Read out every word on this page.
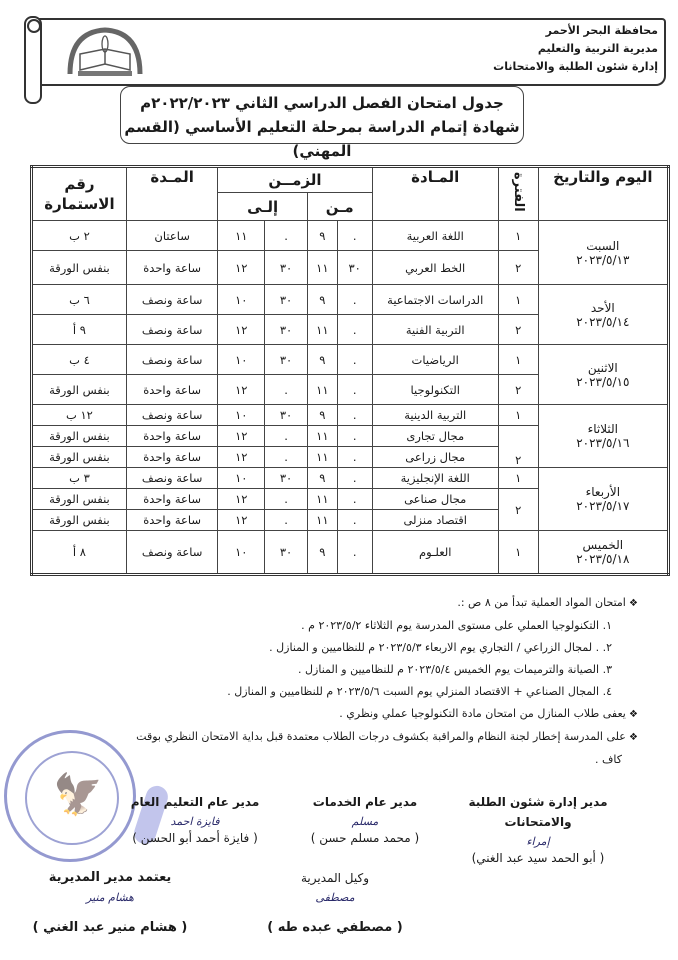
محافظة البحر الأحمر
مديرية التربية والتعليم
إدارة شئون الطلبة والامتحانات
جدول امتحان الفصل الدراسي الثاني ٢٠٢٢/٢٠٢٣م
شهادة إتمام الدراسة بمرحلة التعليم الأساسي (القسم المهني)
اليوم والتاريخ	الفترة	المـادة	الزمــن				المـدة	رقم الاستمارة
			مـن		إلـى			

السبت
٢٠٢٣/٥/١٣	١	اللغة العربية	.	٩	.	١١	ساعتان	٢ ب
	٢	الخط العربي	٣٠	١١	٣٠	١٢	ساعة واحدة	بنفس الورقة

الأحد
٢٠٢٣/٥/١٤	١	الدراسات الاجتماعية	.	٩	٣٠	١٠	ساعة ونصف	٦ ب
	٢	التربية الفنية	.	١١	٣٠	١٢	ساعة ونصف	٩ أ

الاثنين
٢٠٢٣/٥/١٥	١	الرياضيات	.	٩	٣٠	١٠	ساعة ونصف	٤ ب
	٢	التكنولوجيا	.	١١	.	١٢	ساعة واحدة	بنفس الورقة

الثلاثاء
٢٠٢٣/٥/١٦	١	التربية الدينية	.	٩	٣٠	١٠	ساعة ونصف	١٢ ب
	٢	مجال تجارى	.	١١	.	١٢	ساعة واحدة	بنفس الورقة
		مجال زراعى	.	١١	.	١٢	ساعة واحدة	بنفس الورقة

الأربعاء
٢٠٢٣/٥/١٧	١	اللغة الإنجليزية	.	٩	٣٠	١٠	ساعة ونصف	٣ ب
	٢	مجال صناعى	.	١١	.	١٢	ساعة واحدة	بنفس الورقة
		اقتصاد منزلى	.	١١	.	١٢	ساعة واحدة	بنفس الورقة

الخميس
٢٠٢٣/٥/١٨	١	العلـوم	.	٩	٣٠	١٠	ساعة ونصف	٨ أ
❖ امتحان المواد العملية تبدأ من ٨ ص :.
١. التكنولوجيا العملي على مستوى المدرسة يوم الثلاثاء ٢٠٢٣/٥/٢ م .
٢. . لمجال الزراعي / التجاري يوم الاربعاء ٢٠٢٣/٥/٣ م للنظاميين و المنازل .
٣. الصيانة والترميمات يوم الخميس ٢٠٢٣/٥/٤ م للنظاميين و المنازل .
٤. المجال الصناعي + الاقتصاد المنزلي يوم السبت ٢٠٢٣/٥/٦ م للنظاميين و المنازل .
❖ يعفى طلاب المنازل من امتحان مادة التكنولوجيا عملي ونظري .
❖ على المدرسة إخطار لجنة النظام والمراقبة بكشوف درجات الطلاب معتمدة قبل بداية الامتحان النظري بوقت
كاف .
🦅	مدير إدارة شئون الطلبة والامتحانات
إمراء
( أبو الحمد سيد عبد الغني)
مدير عام الخدمات
مسلم
( محمد مسلم حسن )
مدير عام التعليم العام
فايزة احمد
( فايزة أحمد أبو الحسن )
وكيل المديرية
مصطفى
( مصطفي عبده طه )
يعتمد مدير المديرية
هشام منير
( هشام منير عبد الغني )
